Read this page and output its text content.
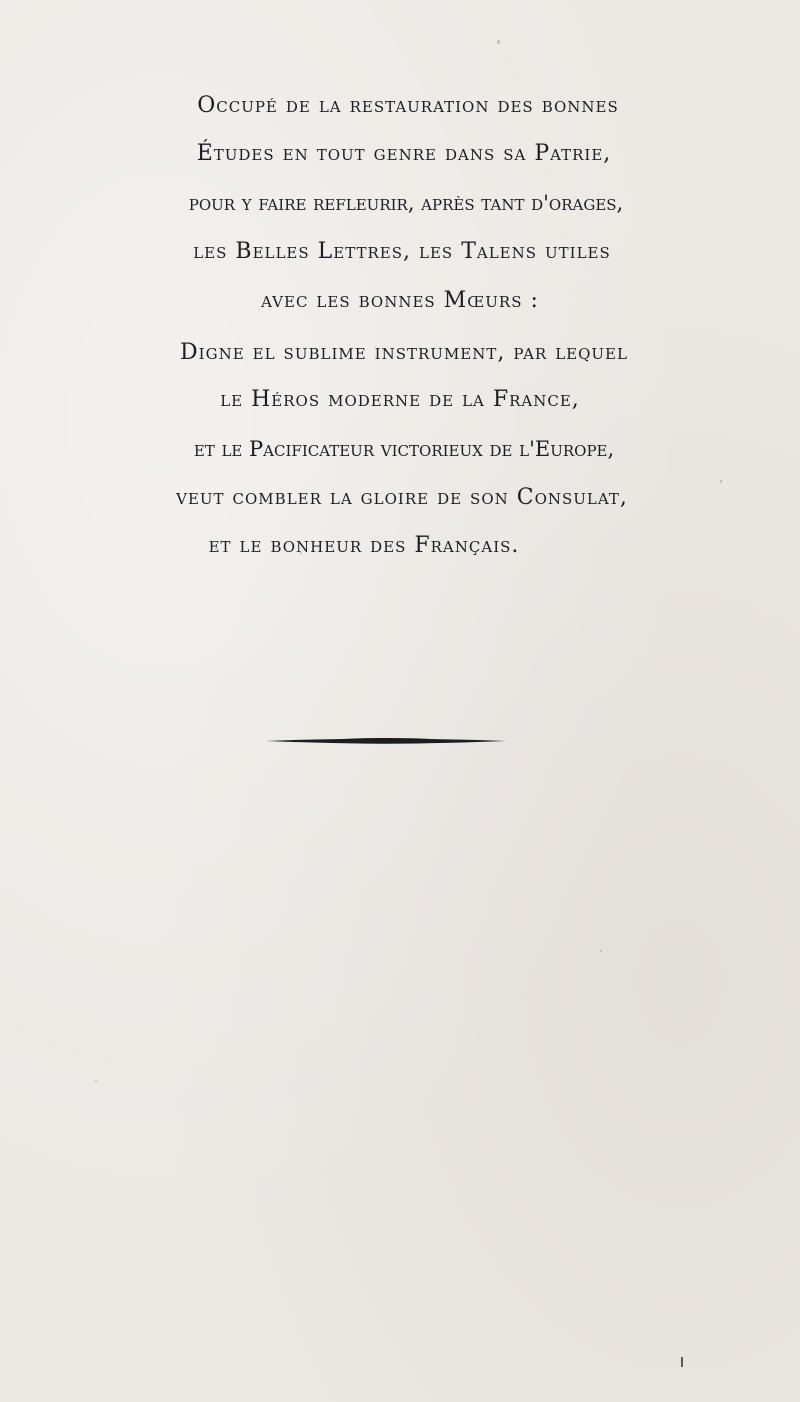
Occupé de la restauration des bonnes
Études en tout genre dans sa Patrie,
pour y faire refleurir, après tant d'orages,
les Belles Lettres, les Talens utiles
avec les bonnes Mœurs :
Digne el sublime instrument, par lequel
le Héros moderne de la France,
et le Pacificateur victorieux de l'Europe,
veut combler la gloire de son Consulat,
et le bonheur des Français.
